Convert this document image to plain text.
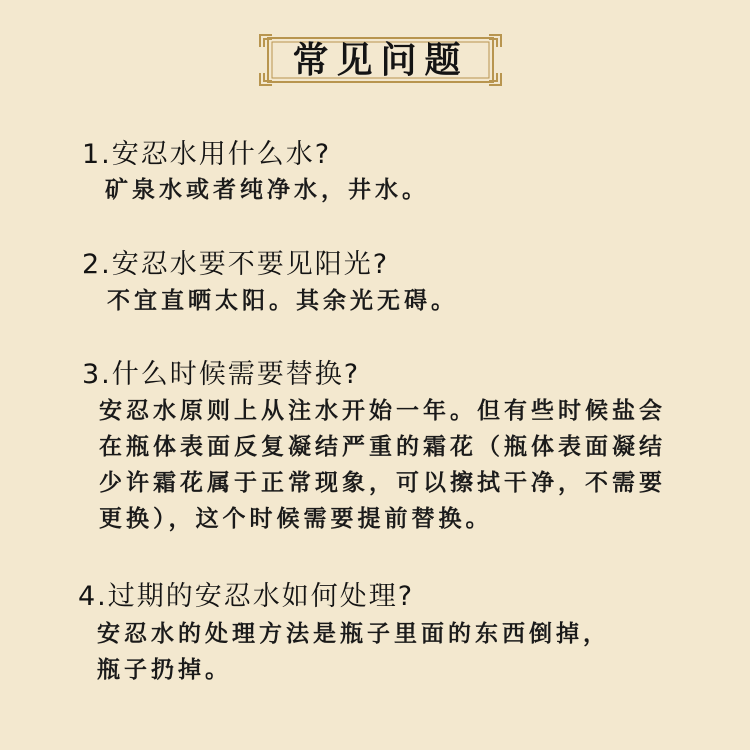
常见问题
1.安忍水用什么水?
矿泉水或者纯净水，井水。
2.安忍水要不要见阳光?
不宜直晒太阳。其余光无碍。
3.什么时候需要替换?
安忍水原则上从注水开始一年。但有些时候盐会
在瓶体表面反复凝结严重的霜花（瓶体表面凝结
少许霜花属于正常现象，可以擦拭干净，不需要
更换），这个时候需要提前替换。
4.过期的安忍水如何处理?
安忍水的处理方法是瓶子里面的东西倒掉，
瓶子扔掉。
